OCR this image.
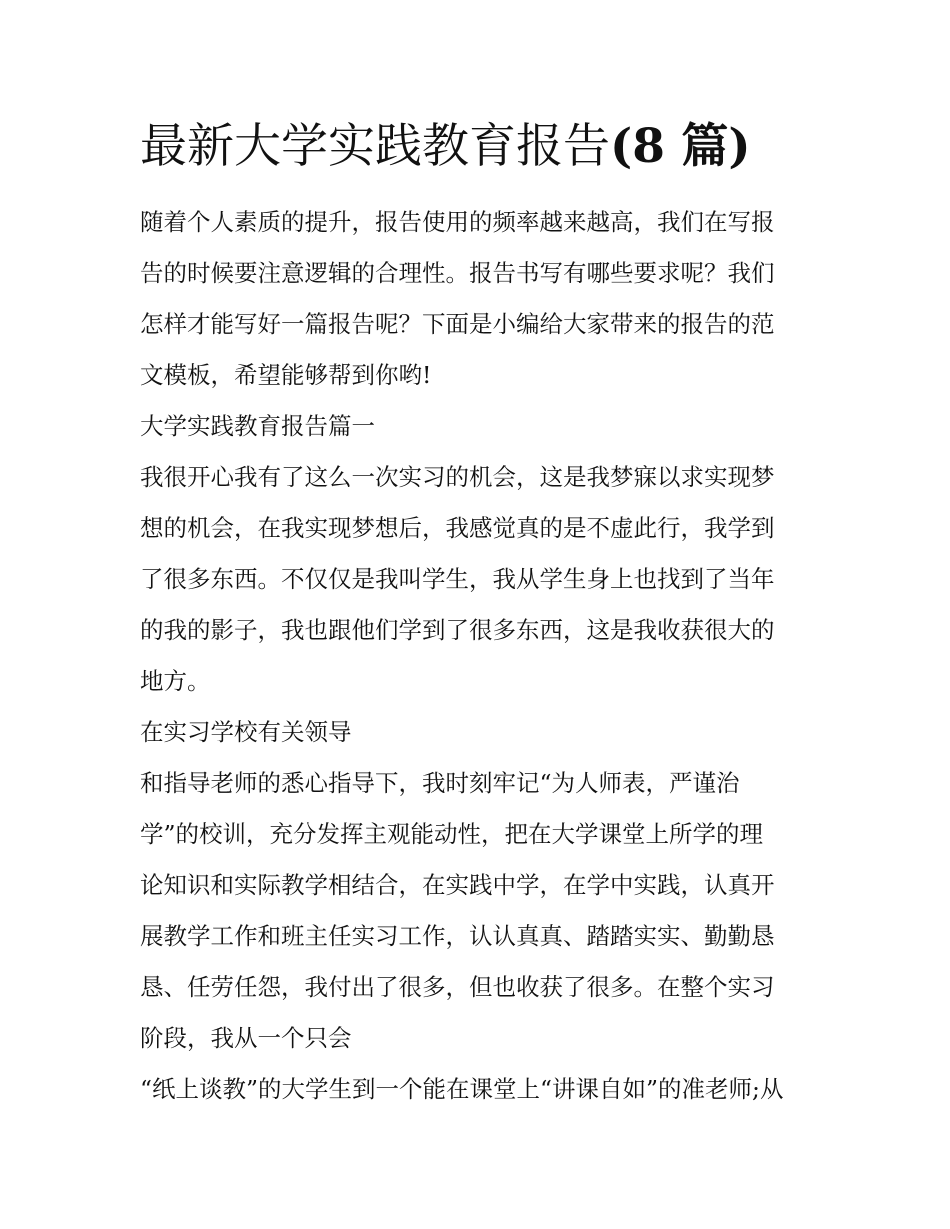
最新大学实践教育报告(8 篇)

随着个人素质的提升，报告使用的频率越来越高，我们在写报

告的时候要注意逻辑的合理性。报告书写有哪些要求呢？我们

怎样才能写好一篇报告呢？下面是小编给大家带来的报告的范

文模板，希望能够帮到你哟!

大学实践教育报告篇一

我很开心我有了这么一次实习的机会，这是我梦寐以求实现梦

想的机会，在我实现梦想后，我感觉真的是不虚此行，我学到

了很多东西。不仅仅是我叫学生，我从学生身上也找到了当年

的我的影子，我也跟他们学到了很多东西，这是我收获很大的

地方。

在实习学校有关领导

和指导老师的悉心指导下，我时刻牢记“为人师表，严谨治

学”的校训，充分发挥主观能动性，把在大学课堂上所学的理

论知识和实际教学相结合，在实践中学，在学中实践，认真开

展教学工作和班主任实习工作，认认真真、踏踏实实、勤勤恳

恳、任劳任怨，我付出了很多，但也收获了很多。在整个实习

阶段，我从一个只会

“纸上谈教”的大学生到一个能在课堂上“讲课自如”的准老师;从
